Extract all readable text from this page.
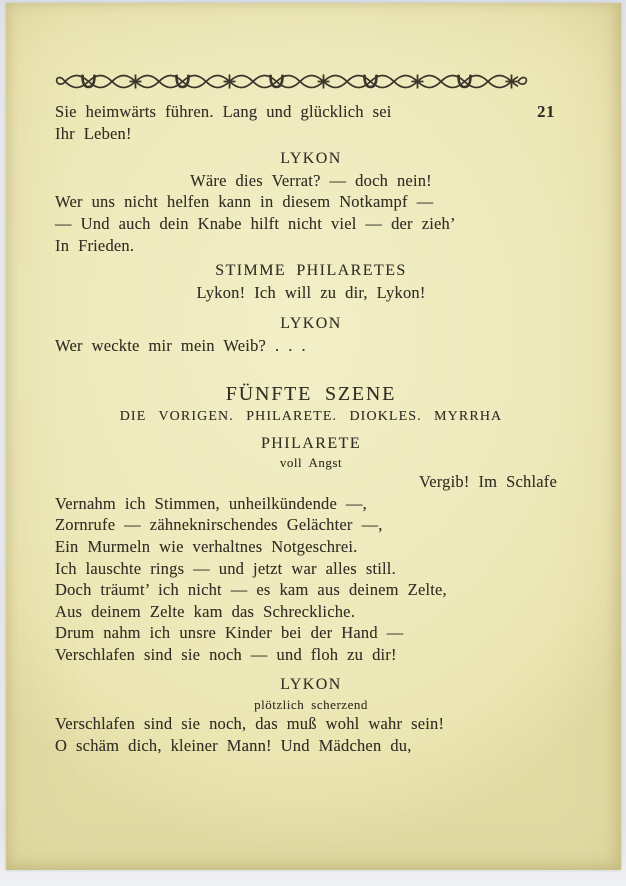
Sie heimwärts führen. Lang und glücklich sei	21
Ihr Leben!
LYKON
Wäre dies Verrat? — doch nein!
Wer uns nicht helfen kann in diesem Notkampf —
— Und auch dein Knabe hilft nicht viel — der zieh’
In Frieden.
STIMME PHILARETES
Lykon! Ich will zu dir, Lykon!
LYKON
Wer weckte mir mein Weib? . . .
FÜNFTE SZENE
DIE VORIGEN. PHILARETE. DIOKLES. MYRRHA
PHILARETE
voll Angst
Vergib! Im Schlafe
Vernahm ich Stimmen, unheilkündende —,
Zornrufe — zähneknirschendes Gelächter —,
Ein Murmeln wie verhaltnes Notgeschrei.
Ich lauschte rings — und jetzt war alles still.
Doch träumt’ ich nicht — es kam aus deinem Zelte,
Aus deinem Zelte kam das Schreckliche.
Drum nahm ich unsre Kinder bei der Hand —
Verschlafen sind sie noch — und floh zu dir!
LYKON
plötzlich scherzend
Verschlafen sind sie noch, das muß wohl wahr sein!
O schäm dich, kleiner Mann! Und Mädchen du,
